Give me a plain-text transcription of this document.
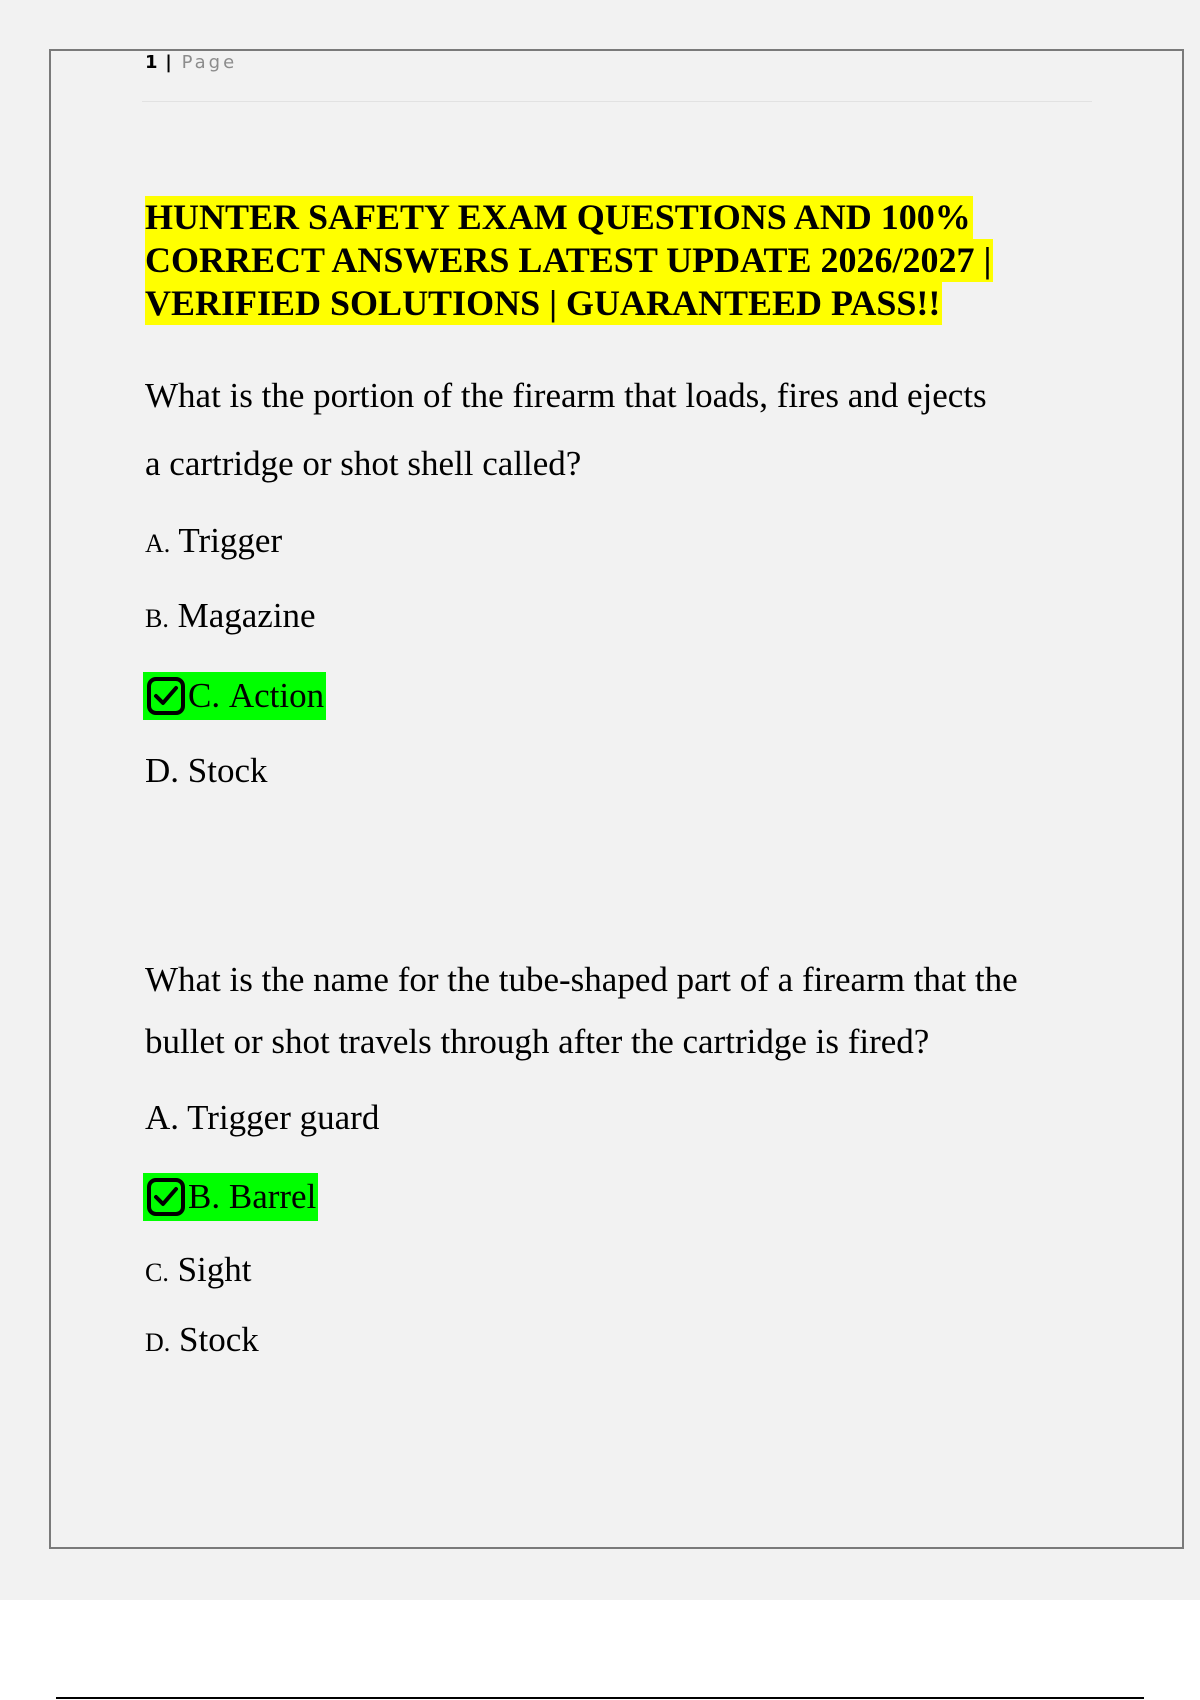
1 | Page
HUNTER SAFETY EXAM QUESTIONS AND 100%
CORRECT ANSWERS LATEST UPDATE 2026/2027 |
VERIFIED SOLUTIONS | GUARANTEED PASS!!
What is the portion of the firearm that loads, fires and ejects
a cartridge or shot shell called?
A. Trigger
B. Magazine
C.
Action
D. Stock
What is the name for the tube-shaped part of a firearm that the
bullet or shot travels through after the cartridge is fired?
A. Trigger guard
B.
Barrel
C. Sight
D. Stock
